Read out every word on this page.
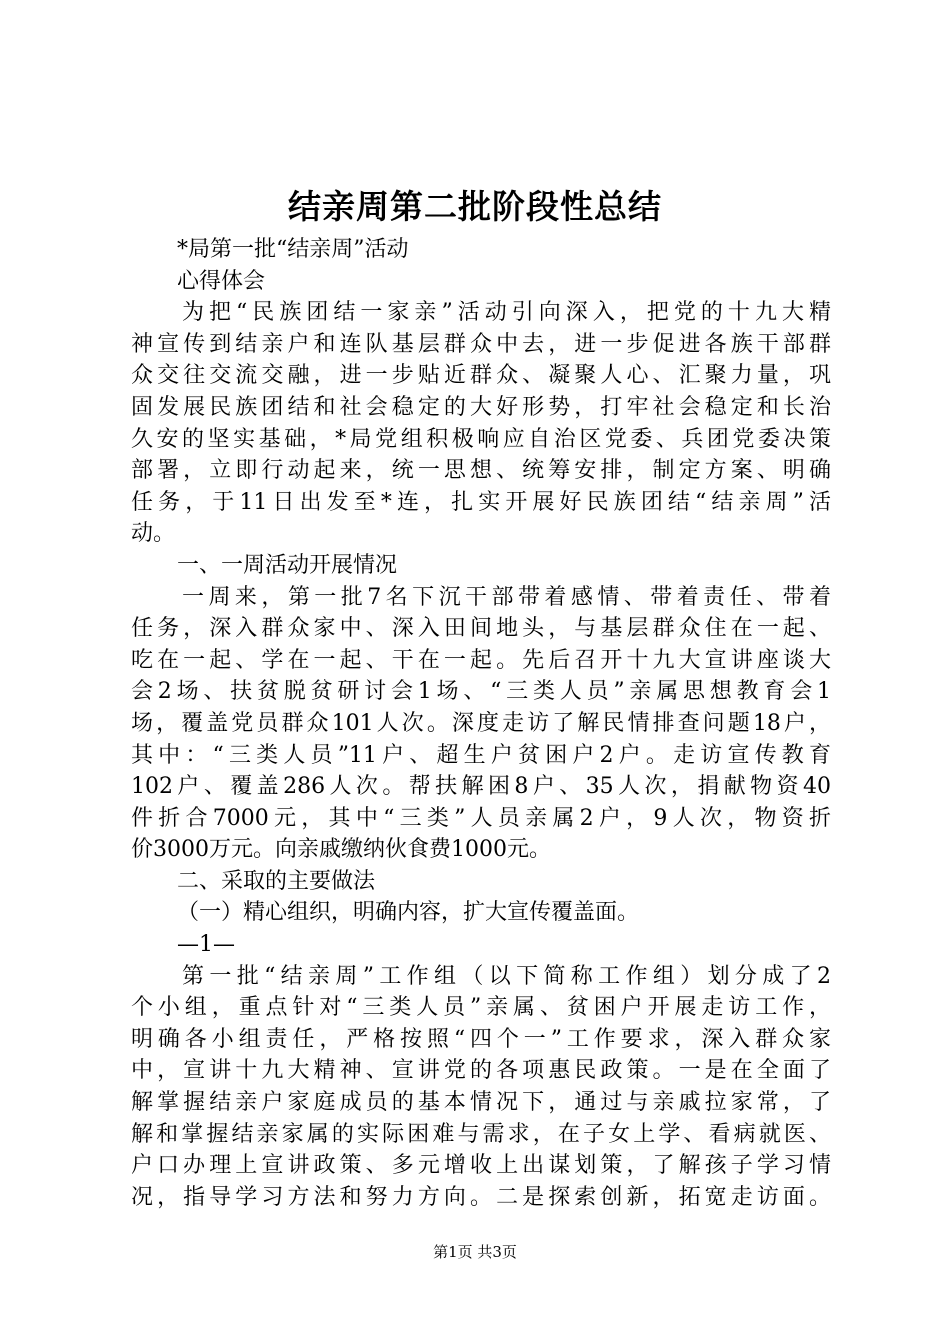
结亲周第二批阶段性总结
*局第一批“结亲周”活动
心得体会
为把“民族团结一家亲”活动引向深入，把党的十九大精
神宣传到结亲户和连队基层群众中去，进一步促进各族干部群
众交往交流交融，进一步贴近群众、凝聚人心、汇聚力量，巩
固发展民族团结和社会稳定的大好形势，打牢社会稳定和长治
久安的坚实基础，*局党组积极响应自治区党委、兵团党委决策
部署，立即行动起来，统一思想、统筹安排，制定方案、明确
任务，于11日出发至*连，扎实开展好民族团结“结亲周”活
动。
一、一周活动开展情况
一周来，第一批7名下沉干部带着感情、带着责任、带着
任务，深入群众家中、深入田间地头，与基层群众住在一起、
吃在一起、学在一起、干在一起。先后召开十九大宣讲座谈大
会2场、扶贫脱贫研讨会1场、“三类人员”亲属思想教育会1
场，覆盖党员群众101人次。深度走访了解民情排查问题18户，
其中：“三类人员”11户、超生户贫困户2户。走访宣传教育
102户、覆盖286人次。帮扶解困8户、35人次，捐献物资40
件折合7000元，其中“三类”人员亲属2户，9人次，物资折
价3000万元。向亲戚缴纳伙食费1000元。
二、采取的主要做法
（一）精心组织，明确内容，扩大宣传覆盖面。
—1—
第一批“结亲周”工作组（以下简称工作组）划分成了2
个小组，重点针对“三类人员”亲属、贫困户开展走访工作，
明确各小组责任，严格按照“四个一”工作要求，深入群众家
中，宣讲十九大精神、宣讲党的各项惠民政策。一是在全面了
解掌握结亲户家庭成员的基本情况下，通过与亲戚拉家常，了
解和掌握结亲家属的实际困难与需求，在子女上学、看病就医、
户口办理上宣讲政策、多元增收上出谋划策，了解孩子学习情
况，指导学习方法和努力方向。二是探索创新，拓宽走访面。
第1页 共3页
